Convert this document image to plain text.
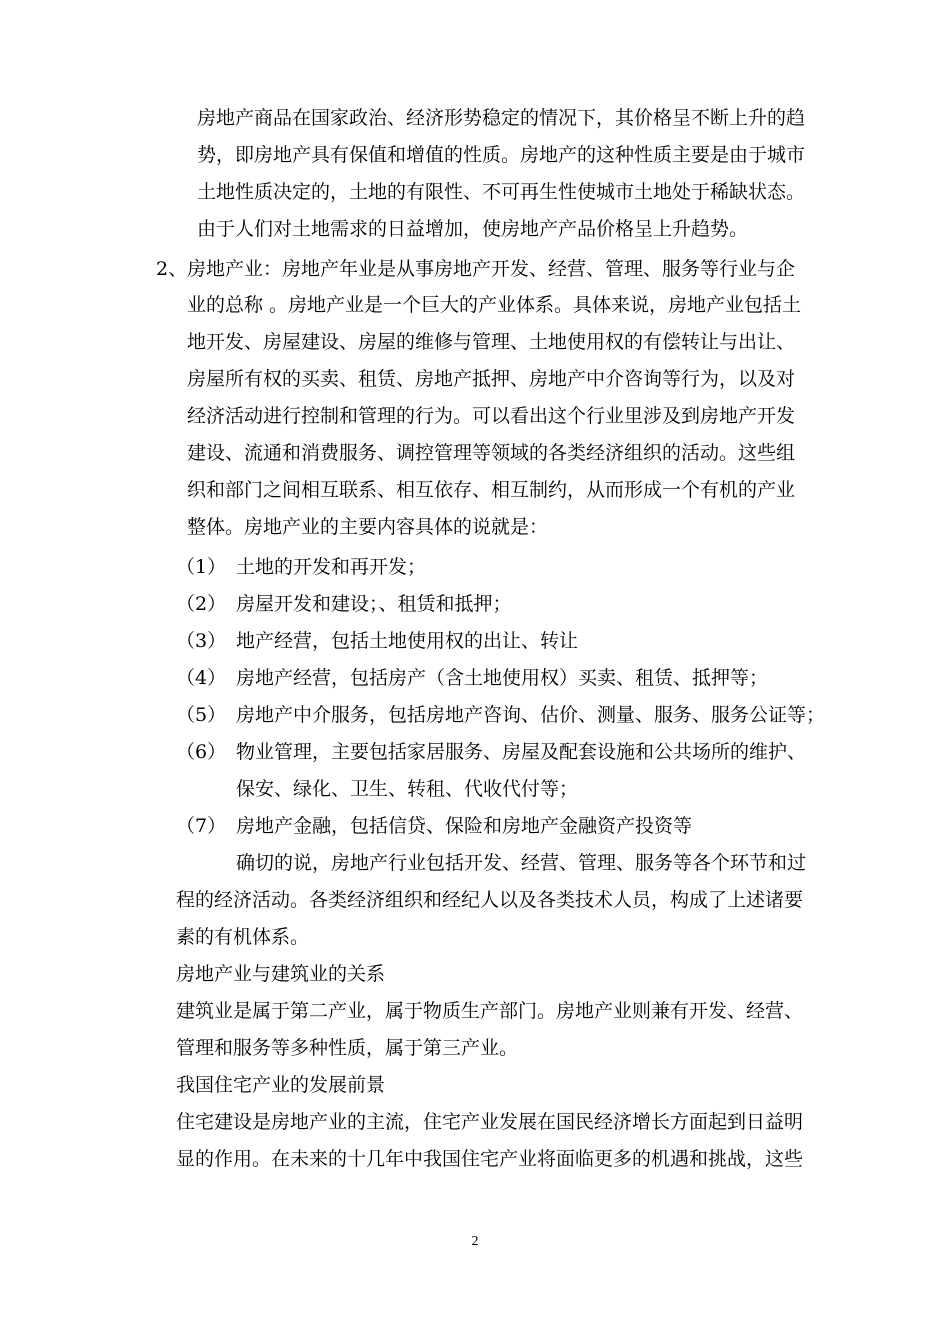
房地产商品在国家政治、经济形势稳定的情况下，其价格呈不断上升的趋
势，即房地产具有保值和增值的性质。房地产的这种性质主要是由于城市
土地性质决定的，土地的有限性、不可再生性使城市土地处于稀缺状态。
由于人们对土地需求的日益增加，使房地产产品价格呈上升趋势。
2、 房地产业：房地产年业是从事房地产开发、经营、管理、服务等行业与企
业的总称 。房地产业是一个巨大的产业体系。具体来说，房地产业包括土
地开发、房屋建设、房屋的维修与管理、土地使用权的有偿转让与出让、
房屋所有权的买卖、租赁、房地产抵押、房地产中介咨询等行为，以及对
经济活动进行控制和管理的行为。可以看出这个行业里涉及到房地产开发
建设、流通和消费服务、调控管理等领域的各类经济组织的活动。这些组
织和部门之间相互联系、相互依存、相互制约，从而形成一个有机的产业
整体。房地产业的主要内容具体的说就是：
（1） 土地的开发和再开发；
（2） 房屋开发和建设；、租赁和抵押；
（3） 地产经营，包括土地使用权的出让、转让
（4） 房地产经营，包括房产（含土地使用权）买卖、租赁、抵押等；
（5） 房地产中介服务，包括房地产咨询、估价、测量、服务、服务公证等；
（6） 物业管理，主要包括家居服务、房屋及配套设施和公共场所的维护、
保安、绿化、卫生、转租、代收代付等；
（7） 房地产金融，包括信贷、保险和房地产金融资产投资等
确切的说，房地产行业包括开发、经营、管理、服务等各个环节和过
程的经济活动。各类经济组织和经纪人以及各类技术人员，构成了上述诸要
素的有机体系。
房地产业与建筑业的关系
建筑业是属于第二产业，属于物质生产部门。房地产业则兼有开发、经营、
管理和服务等多种性质，属于第三产业。
我国住宅产业的发展前景
住宅建设是房地产业的主流，住宅产业发展在国民经济增长方面起到日益明
显的作用。在未来的十几年中我国住宅产业将面临更多的机遇和挑战，这些
2
